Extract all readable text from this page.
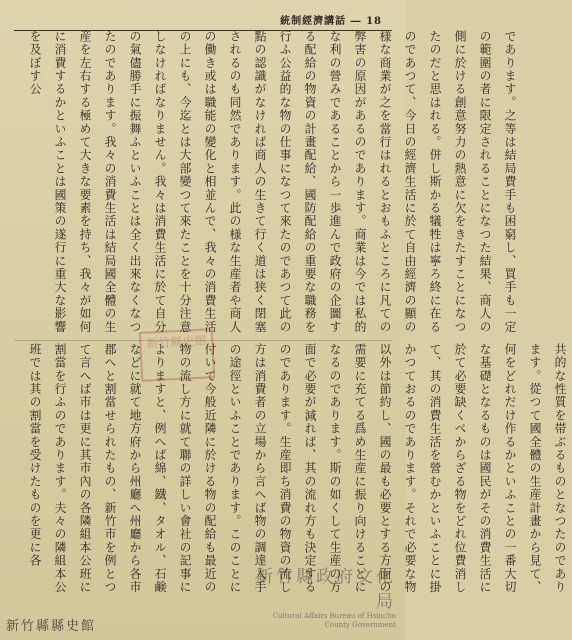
統制經濟講話 ― 18
であります。之等は結局費手も困窮し、買手も一定の範圍の者に限定されることになつた結果、商人の側に於ける創意努力の熱意に欠をきたすことになつたのだと思はれる。併し斯かる犠牲は寧ろ終に在るのであつて、今日の經濟生活に於て自由經濟の顯の様な商業が之を當行はれるとおもふところに凡ての弊害の原因があるのであります。商業は今では私的な利の營みであることから一歩進んで政府の企圖する配給の物資の計畫配給、國防配給の重要な職務を行ふ公益的な物の仕事になつて來たのであつて此の點の認識がなければ商人の生きて行く道は狭く閉塞されるのも同然であります。此の様な生産者や商人の働き或は職能の變化と相並んで、我々の消費生活の上にも、今迄とは大部變つて來たことを十分注意しなければなりません。我々は消費生活に於て自分の氣儘勝手に振舞ふといふことは全く出來なくなつたのであります。我々の消費生活は結局國全體の生産を左右する極めて大きな要素を持ち、我々が如何に消費するかといふことは國策の遂行に重大な影響を及ぼす公
共的な性質を帯ぶるものとなつたのであります。從つて國全體の生産計畫から見て、何をどれだけ作るかといふことの一番大切な基礎となるものは國民がその消費生活に於て必要缺くべからざる物をどれ位費消して、其の消費生活を營むかといふことに掛かつておるのであります。それで必要な物以外は節約し、國の最も必要とする方面の需要に充てる爲め生産に振り向けることになるのであります。斯の如くして生産の方面で必要が減れば、其の流れ方も決定するのであります。生産即ち消費の物資の流し方は消費者の立場から言へば物の調達入手の途徑といふことであります。このことに付いて今般近隣に於ける物の配給も最近の物の流し方に就て聯の詳しい會社の記事によりますと、例へば綿、鐡、タオル、石鹸などに就て地方府から州廳へ州廳から各市郡へと割當せられたもの、新竹市を例とつて言へば市は更に其市內の各隣組本公班に割當を行ふのであります。夫々の隣組本公班では其の割當を受けたものを更に各
新竹縣史館
新竹縣縣史館
新竹縣政府文化局
Cultural Affairs Bureau of Hsinchu County Government
